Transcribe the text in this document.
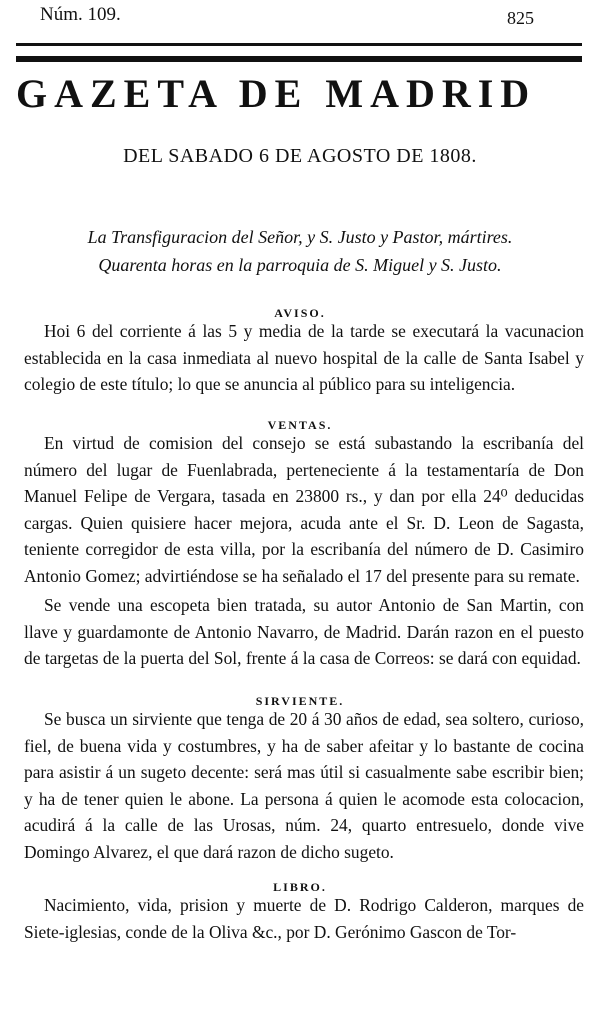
Núm. 109.	825
GAZETA DE MADRID
DEL SABADO 6 DE AGOSTO DE 1808.
La Transfiguracion del Señor, y S. Justo y Pastor, mártires.
Quarenta horas en la parroquia de S. Miguel y S. Justo.
AVISO.

Hoi 6 del corriente á las 5 y media de la tarde se executará la vacunacion establecida en la casa inmediata al nuevo hospital de la calle de Santa Isabel y colegio de este título; lo que se anuncia al público para su inteligencia.

VENTAS.

En virtud de comision del consejo se está subastando la escribanía del número del lugar de Fuenlabrada, perteneciente á la testamentaría de Don Manuel Felipe de Vergara, tasada en 23800 rs., y dan por ella 24⁰ deducidas cargas. Quien quisiere hacer mejora, acuda ante el Sr. D. Leon de Sagasta, teniente corregidor de esta villa, por la escribanía del número de D. Casimiro Antonio Gomez; advirtiéndose se ha señalado el 17 del presente para su remate.

Se vende una escopeta bien tratada, su autor Antonio de San Martin, con llave y guardamonte de Antonio Navarro, de Madrid. Darán razon en el puesto de targetas de la puerta del Sol, frente á la casa de Correos: se dará con equidad.

SIRVIENTE.

Se busca un sirviente que tenga de 20 á 30 años de edad, sea soltero, curioso, fiel, de buena vida y costumbres, y ha de saber afeitar y lo bastante de cocina para asistir á un sugeto decente: será mas útil si casualmente sabe escribir bien; y ha de tener quien le abone. La persona á quien le acomode esta colocacion, acudirá á la calle de las Urosas, núm. 24, quarto entresuelo, donde vive Domingo Alvarez, el que dará razon de dicho sugeto.

LIBRO.

Nacimiento, vida, prision y muerte de D. Rodrigo Calderon, marques de Siete-iglesias, conde de la Oliva &c., por D. Gerónimo Gascon de Tor-
